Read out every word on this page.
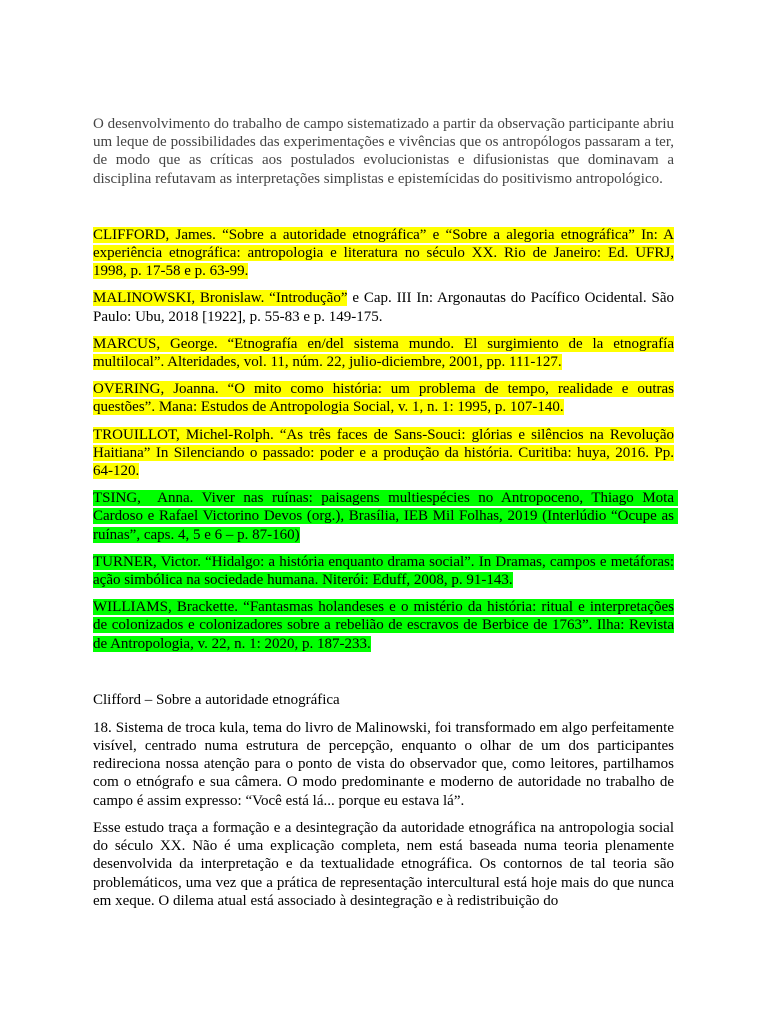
O desenvolvimento do trabalho de campo sistematizado a partir da observação participante abriu um leque de possibilidades das experimentações e vivências que os antropólogos passaram a ter, de modo que as críticas aos postulados evolucionistas e difusionistas que dominavam a disciplina refutavam as interpretações simplistas e epistemícidas do positivismo antropológico.

CLIFFORD, James. “Sobre a autoridade etnográfica” e “Sobre a alegoria etnográfica” In: A experiência etnográfica: antropologia e literatura no século XX. Rio de Janeiro: Ed. UFRJ, 1998, p. 17-58 e p. 63-99.

MALINOWSKI, Bronislaw. “Introdução” e Cap. III In: Argonautas do Pacífico Ocidental. São Paulo: Ubu, 2018 [1922], p. 55-83 e p. 149-175.

MARCUS, George. “Etnografía en/del sistema mundo. El surgimiento de la etnografía multilocal”. Alteridades, vol. 11, núm. 22, julio-diciembre, 2001, pp. 111-127.

OVERING, Joanna. “O mito como história: um problema de tempo, realidade e outras questões”. Mana: Estudos de Antropologia Social, v. 1, n. 1: 1995, p. 107-140.

TROUILLOT, Michel-Rolph. “As três faces de Sans-Souci: glórias e silêncios na Revolução Haitiana” In Silenciando o passado: poder e a produção da história. Curitiba: huya, 2016. Pp. 64-120.

TSING,  Anna. Viver nas ruínas: paisagens multiespécies no Antropoceno, Thiago Mota Cardoso e Rafael Victorino Devos (org.), Brasília, IEB Mil Folhas, 2019 (Interlúdio “Ocupe as ruínas”, caps. 4, 5 e 6 – p. 87-160)

TURNER, Victor. “Hidalgo: a história enquanto drama social”. In Dramas, campos e metáforas: ação simbólica na sociedade humana. Niterói: Eduff, 2008, p. 91-143.

WILLIAMS, Brackette. “Fantasmas holandeses e o mistério da história: ritual e interpretações de colonizados e colonizadores sobre a rebelião de escravos de Berbice de 1763”. Ilha: Revista de Antropologia, v. 22, n. 1: 2020, p. 187-233.

Clifford – Sobre a autoridade etnográfica

18. Sistema de troca kula, tema do livro de Malinowski, foi transformado em algo perfeitamente visível, centrado numa estrutura de percepção, enquanto o olhar de um dos participantes redireciona nossa atenção para o ponto de vista do observador que, como leitores, partilhamos com o etnógrafo e sua câmera. O modo predominante e moderno de autoridade no trabalho de campo é assim expresso: “Você está lá... porque eu estava lá”.

Esse estudo traça a formação e a desintegração da autoridade etnográfica na antropologia social do século XX. Não é uma explicação completa, nem está baseada numa teoria plenamente desenvolvida da interpretação e da textualidade etnográfica. Os contornos de tal teoria são problemáticos, uma vez que a prática de representação intercultural está hoje mais do que nunca em xeque. O dilema atual está associado à desintegração e à redistribuição do
